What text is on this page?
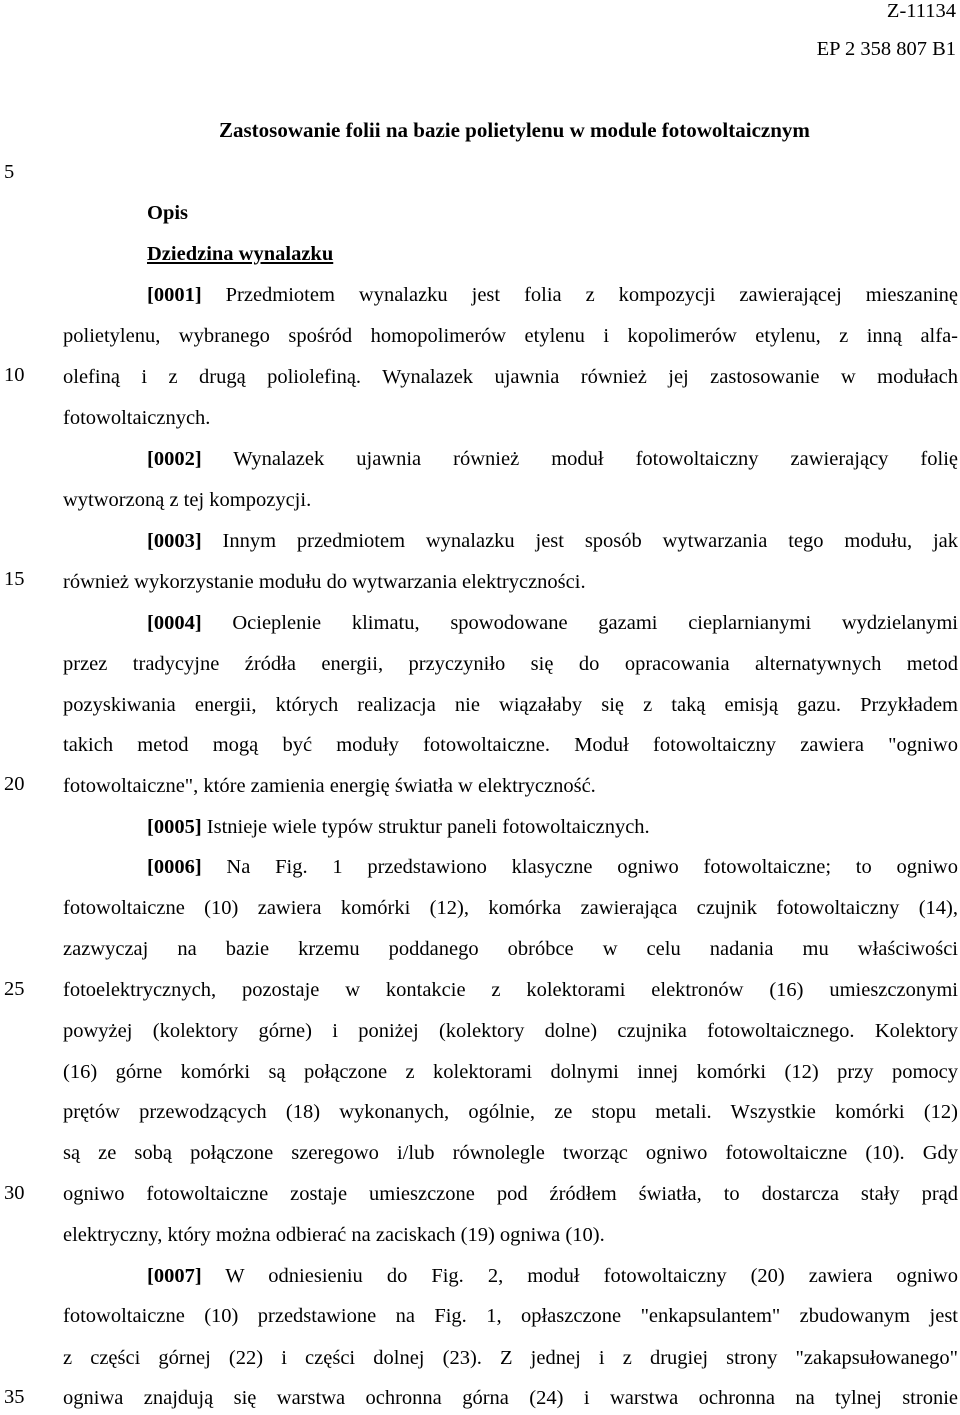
Z-11134
EP 2 358 807 B1
Zastosowanie folii na bazie polietylenu w module fotowoltaicznym
Opis
Dziedzina wynalazku
5
10
15
20
25
30
35
[0001] Przedmiotem wynalazku jest folia z kompozycji zawierającej mieszaninę
polietylenu, wybranego spośród homopolimerów etylenu i kopolimerów etylenu, z inną alfa-
olefiną i z drugą poliolefiną. Wynalazek ujawnia również jej zastosowanie w modułach
fotowoltaicznych.
[0002] Wynalazek ujawnia również moduł fotowoltaiczny zawierający folię
wytworzoną z tej kompozycji.
[0003] Innym przedmiotem wynalazku jest sposób wytwarzania tego modułu, jak
również wykorzystanie modułu do wytwarzania elektryczności.
[0004] Ocieplenie klimatu, spowodowane gazami cieplarnianymi wydzielanymi
przez tradycyjne źródła energii, przyczyniło się do opracowania alternatywnych metod
pozyskiwania energii, których realizacja nie wiązałaby się z taką emisją gazu. Przykładem
takich metod mogą być moduły fotowoltaiczne. Moduł fotowoltaiczny zawiera "ogniwo
fotowoltaiczne", które zamienia energię światła w elektryczność.
[0005] Istnieje wiele typów struktur paneli fotowoltaicznych.
[0006] Na Fig. 1 przedstawiono klasyczne ogniwo fotowoltaiczne; to ogniwo
fotowoltaiczne (10) zawiera komórki (12), komórka zawierająca czujnik fotowoltaiczny (14),
zazwyczaj na bazie krzemu poddanego obróbce w celu nadania mu właściwości
fotoelektrycznych, pozostaje w kontakcie z kolektorami elektronów (16) umieszczonymi
powyżej (kolektory górne) i poniżej (kolektory dolne) czujnika fotowoltaicznego. Kolektory
(16) górne komórki są połączone z kolektorami dolnymi innej komórki (12) przy pomocy
prętów przewodzących (18) wykonanych, ogólnie, ze stopu metali. Wszystkie komórki (12)
są ze sobą połączone szeregowo i/lub równolegle tworząc ogniwo fotowoltaiczne (10). Gdy
ogniwo fotowoltaiczne zostaje umieszczone pod źródłem światła, to dostarcza stały prąd
elektryczny, który można odbierać na zaciskach (19) ogniwa (10).
[0007] W odniesieniu do Fig. 2, moduł fotowoltaiczny (20) zawiera ogniwo
fotowoltaiczne (10) przedstawione na Fig. 1, opłaszczone "enkapsulantem" zbudowanym jest
z części górnej (22) i części dolnej (23). Z jednej i z drugiej strony "zakapsułowanego"
ogniwa znajdują się warstwa ochronna górna (24) i warstwa ochronna na tylnej stronie
